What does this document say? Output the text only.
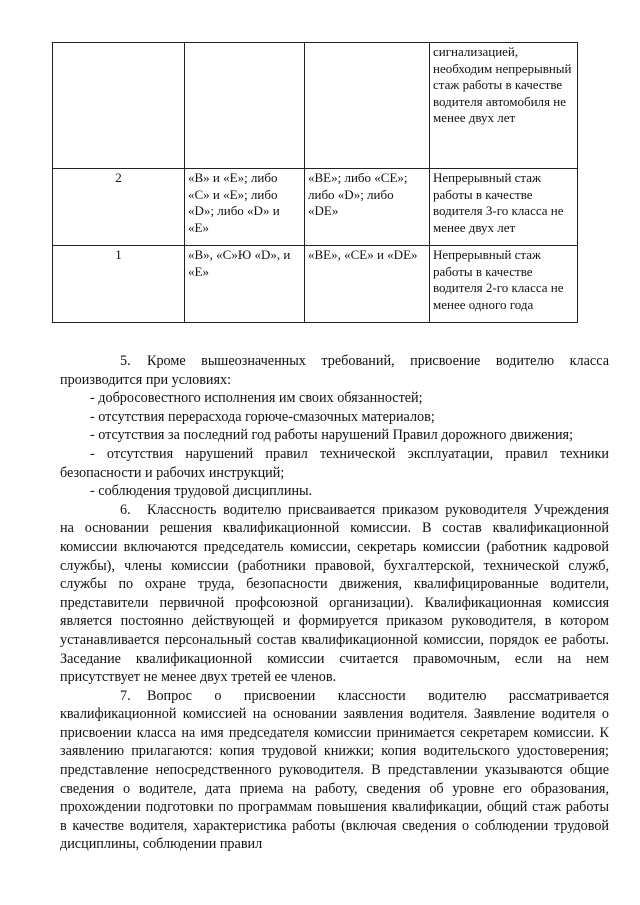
			сигнализацией, необходим непрерывный стаж работы в качестве водителя автомобиля не менее двух лет
2	«В» и «Е»; либо «С» и «Е»; либо «D»; либо «D» и «Е»	«ВЕ»; либо «СЕ»; либо «D»; либо «DE»	Непрерывный стаж работы в качестве водителя 3-го класса не менее двух лет
1	«В», «С»Ю «D», и «Е»	«ВЕ», «СЕ» и «DE»	Непрерывный стаж работы в качестве водителя 2-го класса не менее одного года

5. Кроме вышеозначенных требований, присвоение водителю класса производится при условиях:

- добросовестного исполнения им своих обязанностей;

- отсутствия перерасхода горюче-смазочных материалов;

- отсутствия за последний год работы нарушений Правил дорожного движения;

- отсутствия нарушений правил технической эксплуатации, правил техники безопасности и рабочих инструкций;

- соблюдения трудовой дисциплины.

6. Классность водителю присваивается приказом руководителя Учреждения на основании решения квалификационной комиссии. В состав квалификационной комиссии включаются председатель комиссии, секретарь комиссии (работник кадровой службы), члены комиссии (работники правовой, бухгалтерской, технической служб, службы по охране труда, безопасности движения, квалифицированные водители, представители первичной профсоюзной организации). Квалификационная комиссия является постоянно действующей и формируется приказом руководителя, в котором устанавливается персональный состав квалификационной комиссии, порядок ее работы. Заседание квалификационной комиссии считается правомочным, если на нем присутствует не менее двух третей ее членов.

7. Вопрос о присвоении классности водителю рассматривается квалификационной комиссией на основании заявления водителя. Заявление водителя о присвоении класса на имя председателя комиссии принимается секретарем комиссии. К заявлению прилагаются: копия трудовой книжки; копия водительского удостоверения; представление непосредственного руководителя. В представлении указываются общие сведения о водителе, дата приема на работу, сведения об уровне его образования, прохождении подготовки по программам повышения квалификации, общий стаж работы в качестве водителя, характеристика работы (включая сведения о соблюдении трудовой дисциплины, соблюдении правил
